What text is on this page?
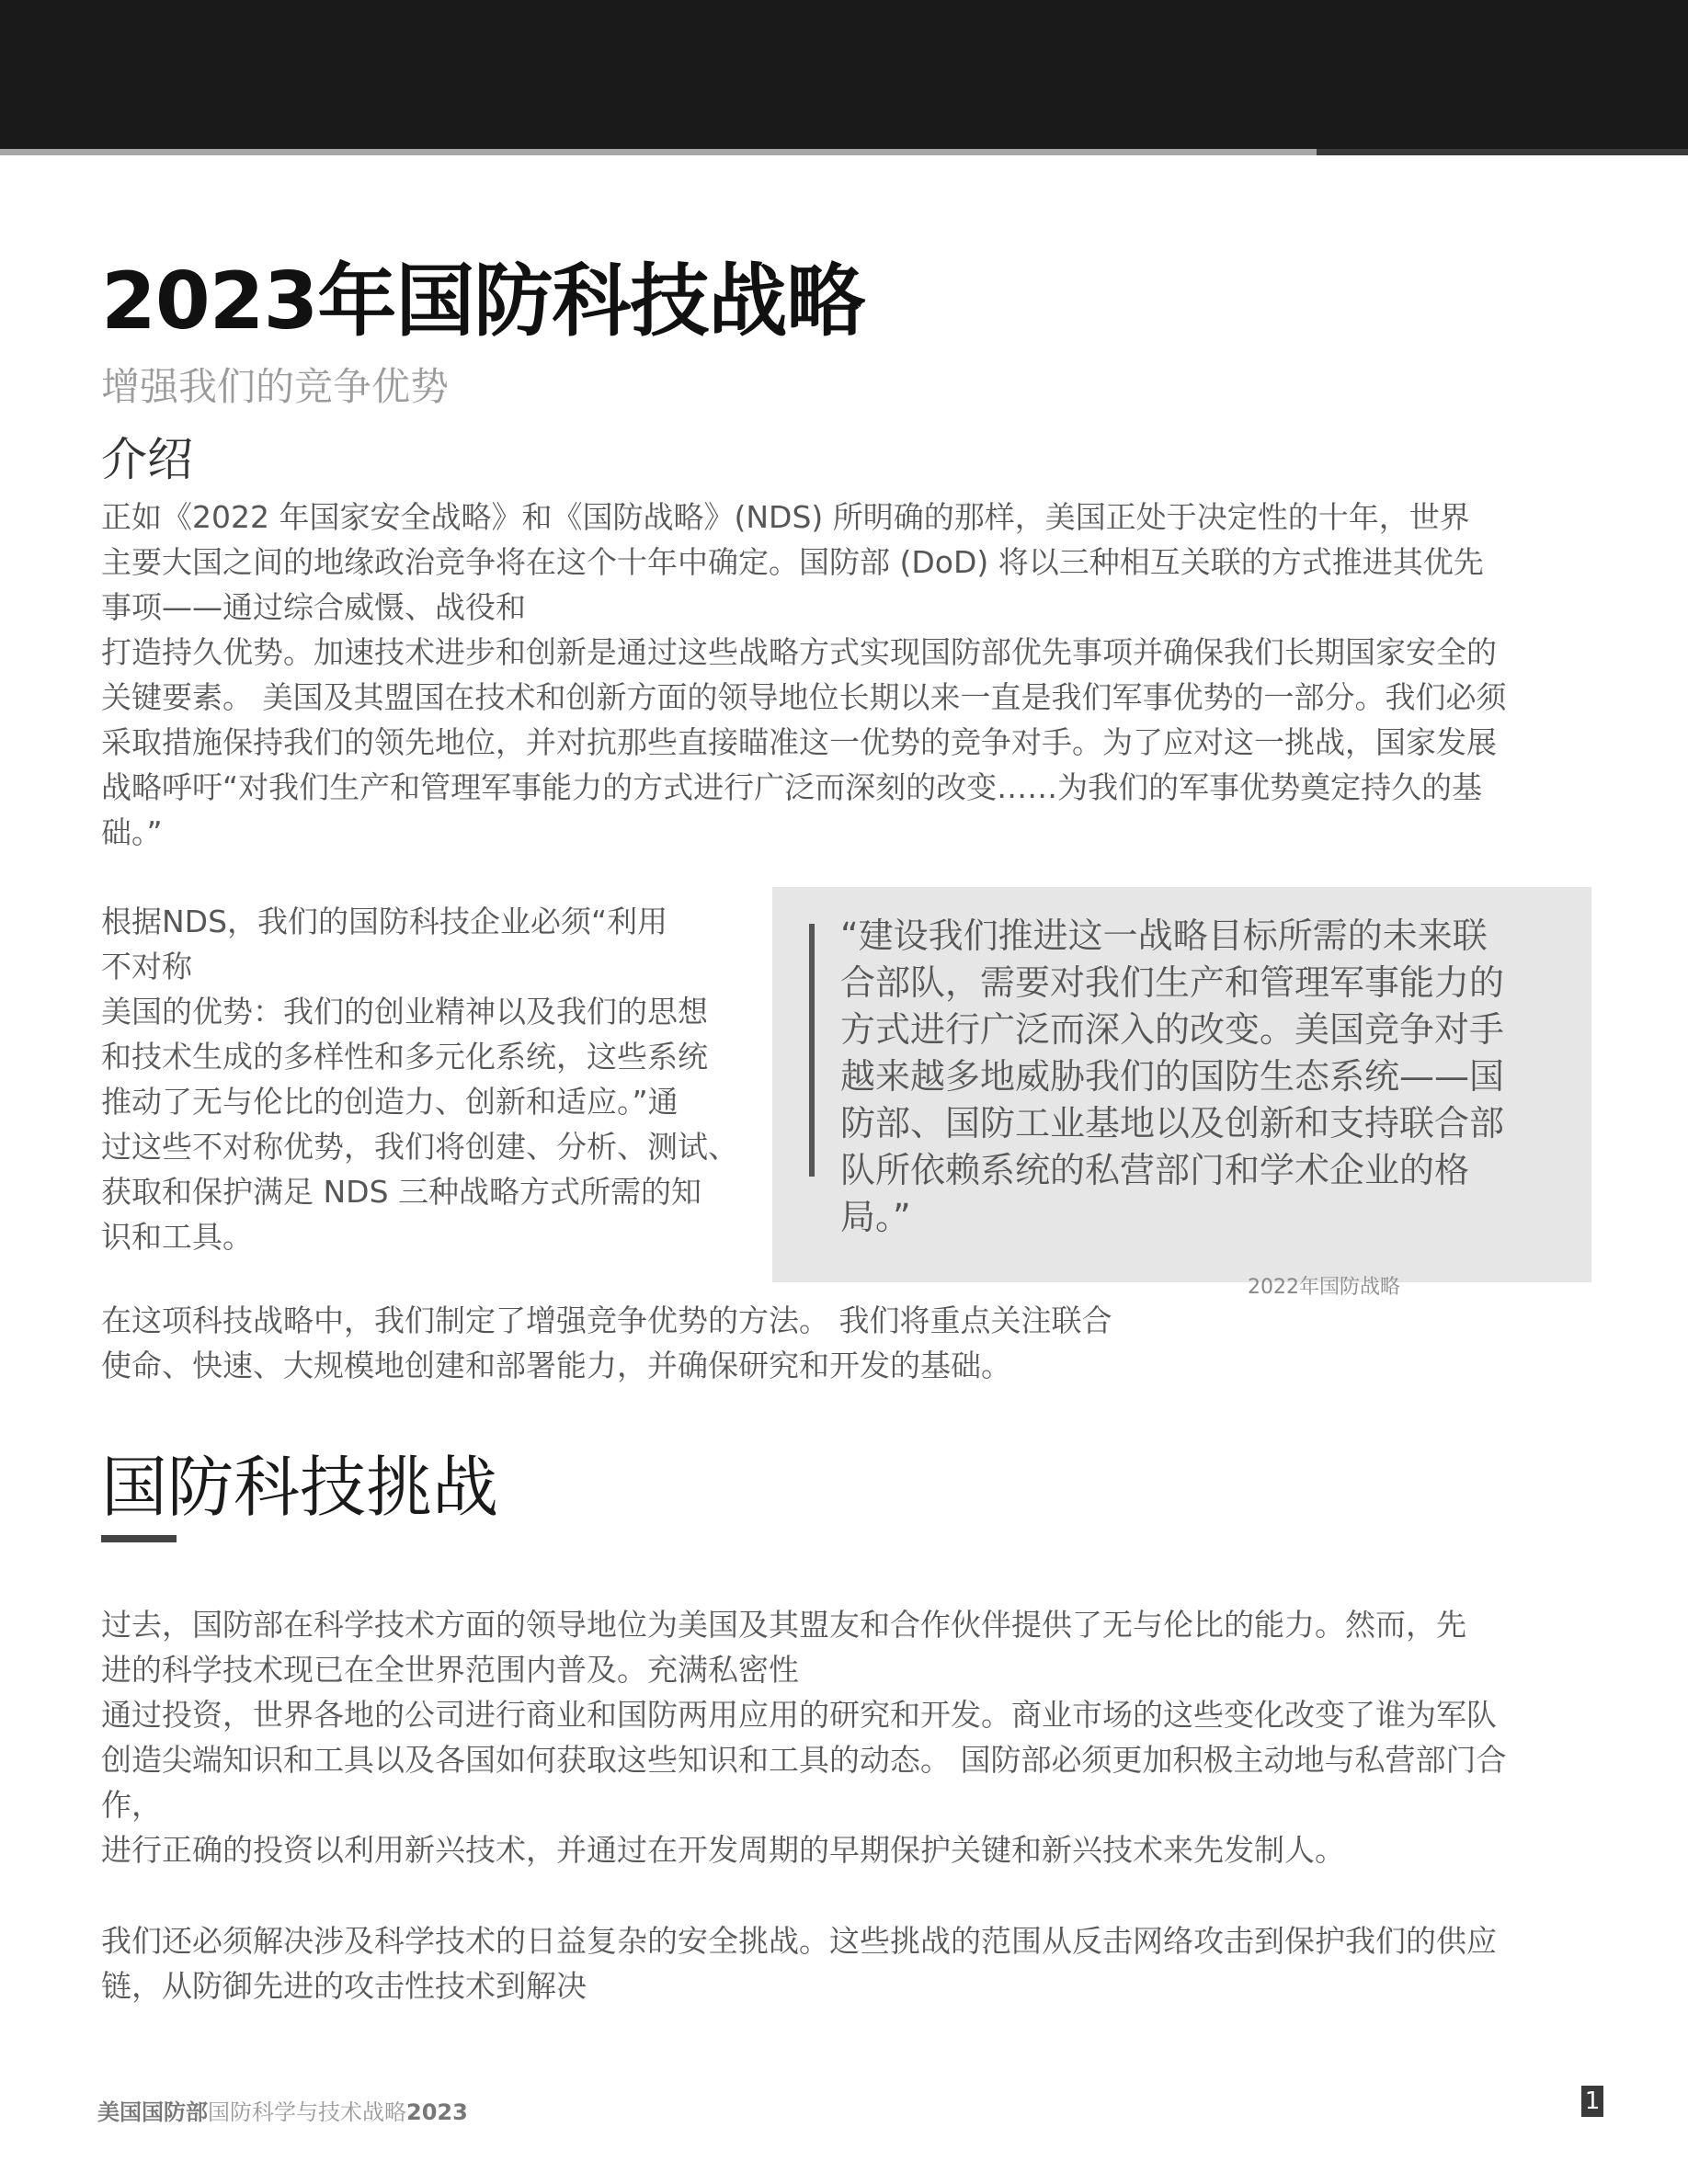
2023年国防科技战略
增强我们的竞争优势
介绍
正如《2022 年国家安全战略》和《国防战略》(NDS) 所明确的那样，美国正处于决定性的十年，世界
主要大国之间的地缘政治竞争将在这个十年中确定。国防部 (DoD) 将以三种相互关联的方式推进其优先
事项——通过综合威慑、战役和
打造持久优势。加速技术进步和创新是通过这些战略方式实现国防部优先事项并确保我们长期国家安全的
关键要素。 美国及其盟国在技术和创新方面的领导地位长期以来一直是我们军事优势的一部分。我们必须
采取措施保持我们的领先地位，并对抗那些直接瞄准这一优势的竞争对手。为了应对这一挑战，国家发展
战略呼吁“对我们生产和管理军事能力的方式进行广泛而深刻的改变……为我们的军事优势奠定持久的基
础。”
根据NDS，我们的国防科技企业必须“利用
不对称
美国的优势：我们的创业精神以及我们的思想
和技术生成的多样性和多元化系统，这些系统
推动了无与伦比的创造力、创新和适应。”通
过这些不对称优势，我们将创建、分析、测试、
获取和保护满足 NDS 三种战略方式所需的知
识和工具。
“建设我们推进这一战略目标所需的未来联
合部队，需要对我们生产和管理军事能力的
方式进行广泛而深入的改变。美国竞争对手
越来越多地威胁我们的国防生态系统——国
防部、国防工业基地以及创新和支持联合部
队所依赖系统的私营部门和学术企业的格
局。”
2022年国防战略
在这项科技战略中，我们制定了增强竞争优势的方法。 我们将重点关注联合
使命、快速、大规模地创建和部署能力，并确保研究和开发的基础。
国防科技挑战
过去，国防部在科学技术方面的领导地位为美国及其盟友和合作伙伴提供了无与伦比的能力。然而，先
进的科学技术现已在全世界范围内普及。充满私密性
通过投资，世界各地的公司进行商业和国防两用应用的研究和开发。商业市场的这些变化改变了谁为军队
创造尖端知识和工具以及各国如何获取这些知识和工具的动态。 国防部必须更加积极主动地与私营部门合
作，
进行正确的投资以利用新兴技术，并通过在开发周期的早期保护关键和新兴技术来先发制人。
我们还必须解决涉及科学技术的日益复杂的安全挑战。这些挑战的范围从反击网络攻击到保护我们的供应
链，从防御先进的攻击性技术到解决
美国国防部国防科学与技术战略2023	1
